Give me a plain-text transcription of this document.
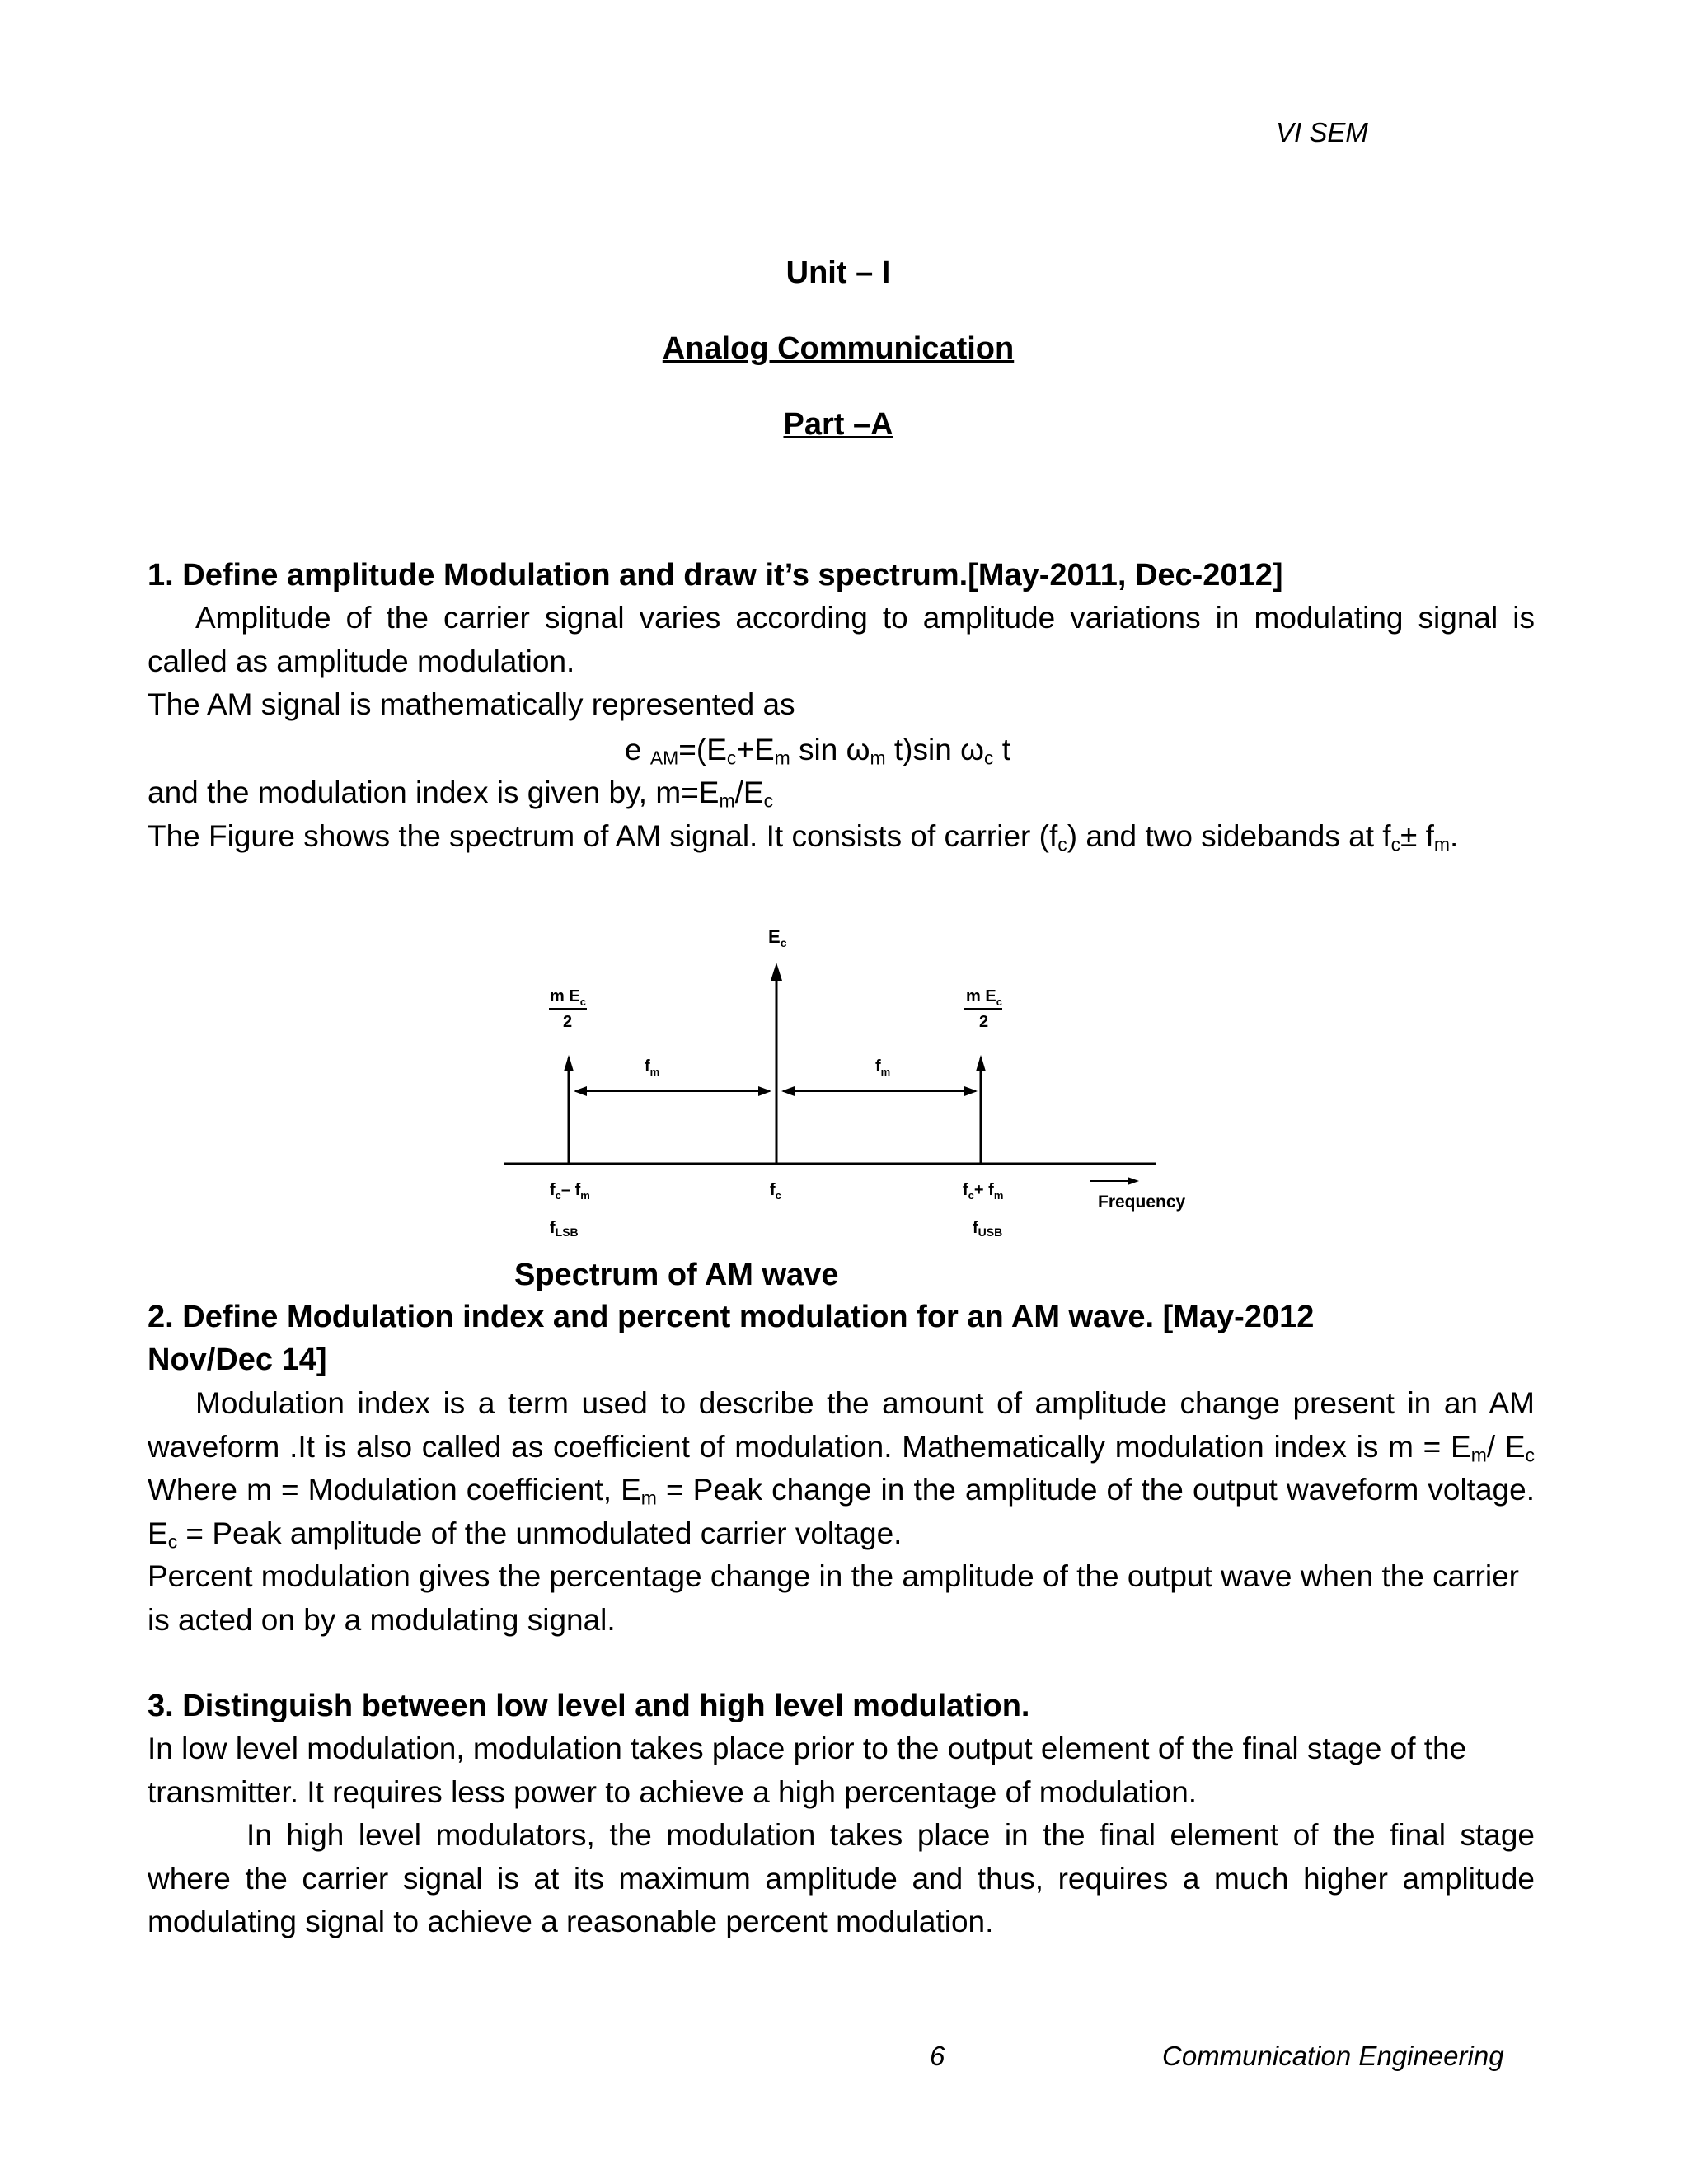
VI SEM
Unit – I
Analog Communication
Part –A
1. Define amplitude Modulation and draw it’s spectrum.[May-2011, Dec-2012]
Amplitude of the carrier signal varies according to amplitude variations in modulating signal is called as amplitude modulation.
The AM signal is mathematically represented as
e $_{AM}=(E_c+E_m$ $\sin \omega_m$ t)sin $\omega_c$ t
and the modulation index is given by, $m=E_m/E_c$
The Figure shows the spectrum of AM signal. It consists of carrier $(f_c)$ and two sidebands at $f_c\pm f_m$.
$E_c$
m $E_c$
2
m $E_c$
2
$f_m$	$f_m$
$f_c-$ $f_m$
$f_{LSB}$
$f_c$	$f_c+ f_m$
$f_{USB}$
Frequency
Spectrum of AM wave
2. Define Modulation index and percent modulation for an AM wave. [May-2012 Nov/Dec 14]
Modulation index is a term used to describe the amount of amplitude change present in an AM waveform .It is also called as coefficient of modulation. Mathematically modulation index is $m = E_m/$ $E_c$ Where m = Modulation coefficient, $E_m$ = Peak change in the amplitude of the output waveform voltage. $E_c$ = Peak amplitude of the unmodulated carrier voltage.
Percent modulation gives the percentage change in the amplitude of the output wave when the carrier is acted on by a modulating signal.
3. Distinguish between low level and high level modulation.
In low level modulation, modulation takes place prior to the output element of the final stage of the transmitter. It requires less power to achieve a high percentage of modulation.
In high level modulators, the modulation takes place in the final element of the final stage where the carrier signal is at its maximum amplitude and thus, requires a much higher amplitude modulating signal to achieve a reasonable percent modulation.
6	Communication Engineering
